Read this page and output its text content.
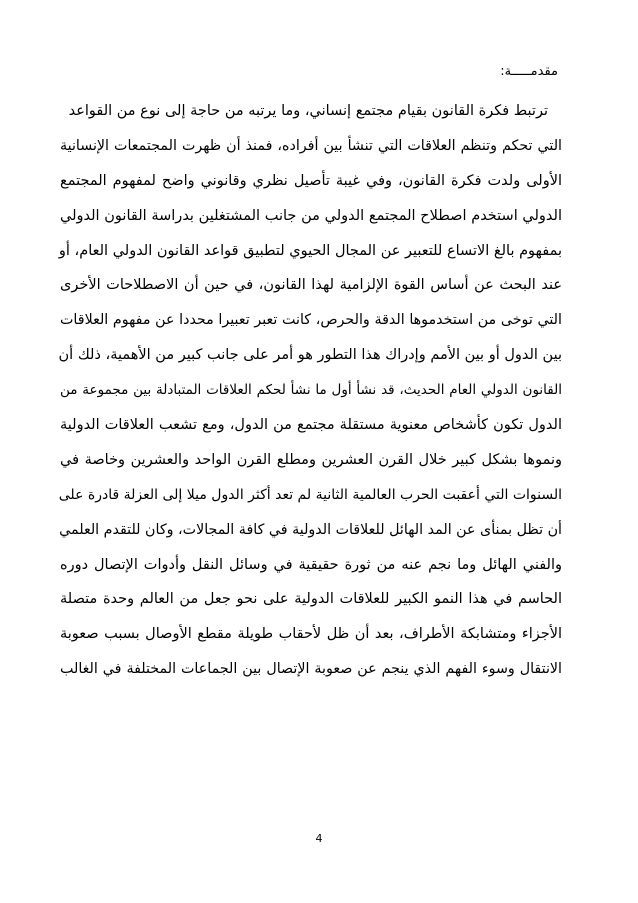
مقدمـــــة:
ترتبط فكرة القانون بقيام مجتمع إنساني، وما يرتبه من حاجة إلى نوع من القواعد
التي تحكم وتنظم العلاقات التي تنشأ بين أفراده، فمنذ أن ظهرت المجتمعات الإنسانية
الأولى ولدت فكرة القانون، وفي غيبة تأصيل نظري وقانوني واضح لمفهوم المجتمع
الدولي استخدم اصطلاح المجتمع الدولي من جانب المشتغلين بدراسة القانون الدولي
بمفهوم بالغ الاتساع للتعبير عن المجال الحيوي لتطبيق قواعد القانون الدولي العام، أو
عند البحث عن أساس القوة الإلزامية لهذا القانون، في حين أن الاصطلاحات الأخرى
التي توخى من استخدموها الدقة والحرص، كانت تعبر تعبيرا محددا عن مفهوم العلاقات
بين الدول أو بين الأمم وإدراك هذا التطور هو أمر على جانب كبير من الأهمية، ذلك أن
القانون الدولي العام الحديث، قد نشأ أول ما نشأ لحكم العلاقات المتبادلة بين مجموعة من
الدول تكون كأشخاص معنوية مستقلة مجتمع من الدول، ومع تشعب العلاقات الدولية
ونموها بشكل كبير خلال القرن العشرين ومطلع القرن الواحد والعشرين وخاصة في
السنوات التي أعقبت الحرب العالمية الثانية لم تعد أكثر الدول ميلا إلى العزلة قادرة على
أن تظل بمنأى عن المد الهائل للعلاقات الدولية في كافة المجالات، وكان للتقدم العلمي
والفني الهائل وما نجم عنه من ثورة حقيقية في وسائل النقل وأدوات الإتصال دوره
الحاسم في هذا النمو الكبير للعلاقات الدولية على نحو جعل من العالم وحدة متصلة
الأجزاء ومتشابكة الأطراف، بعد أن ظل لأحقاب طويلة مقطع الأوصال بسبب صعوبة
الانتقال وسوء الفهم الذي ينجم عن صعوبة الإتصال بين الجماعات المختلفة في الغالب
4
